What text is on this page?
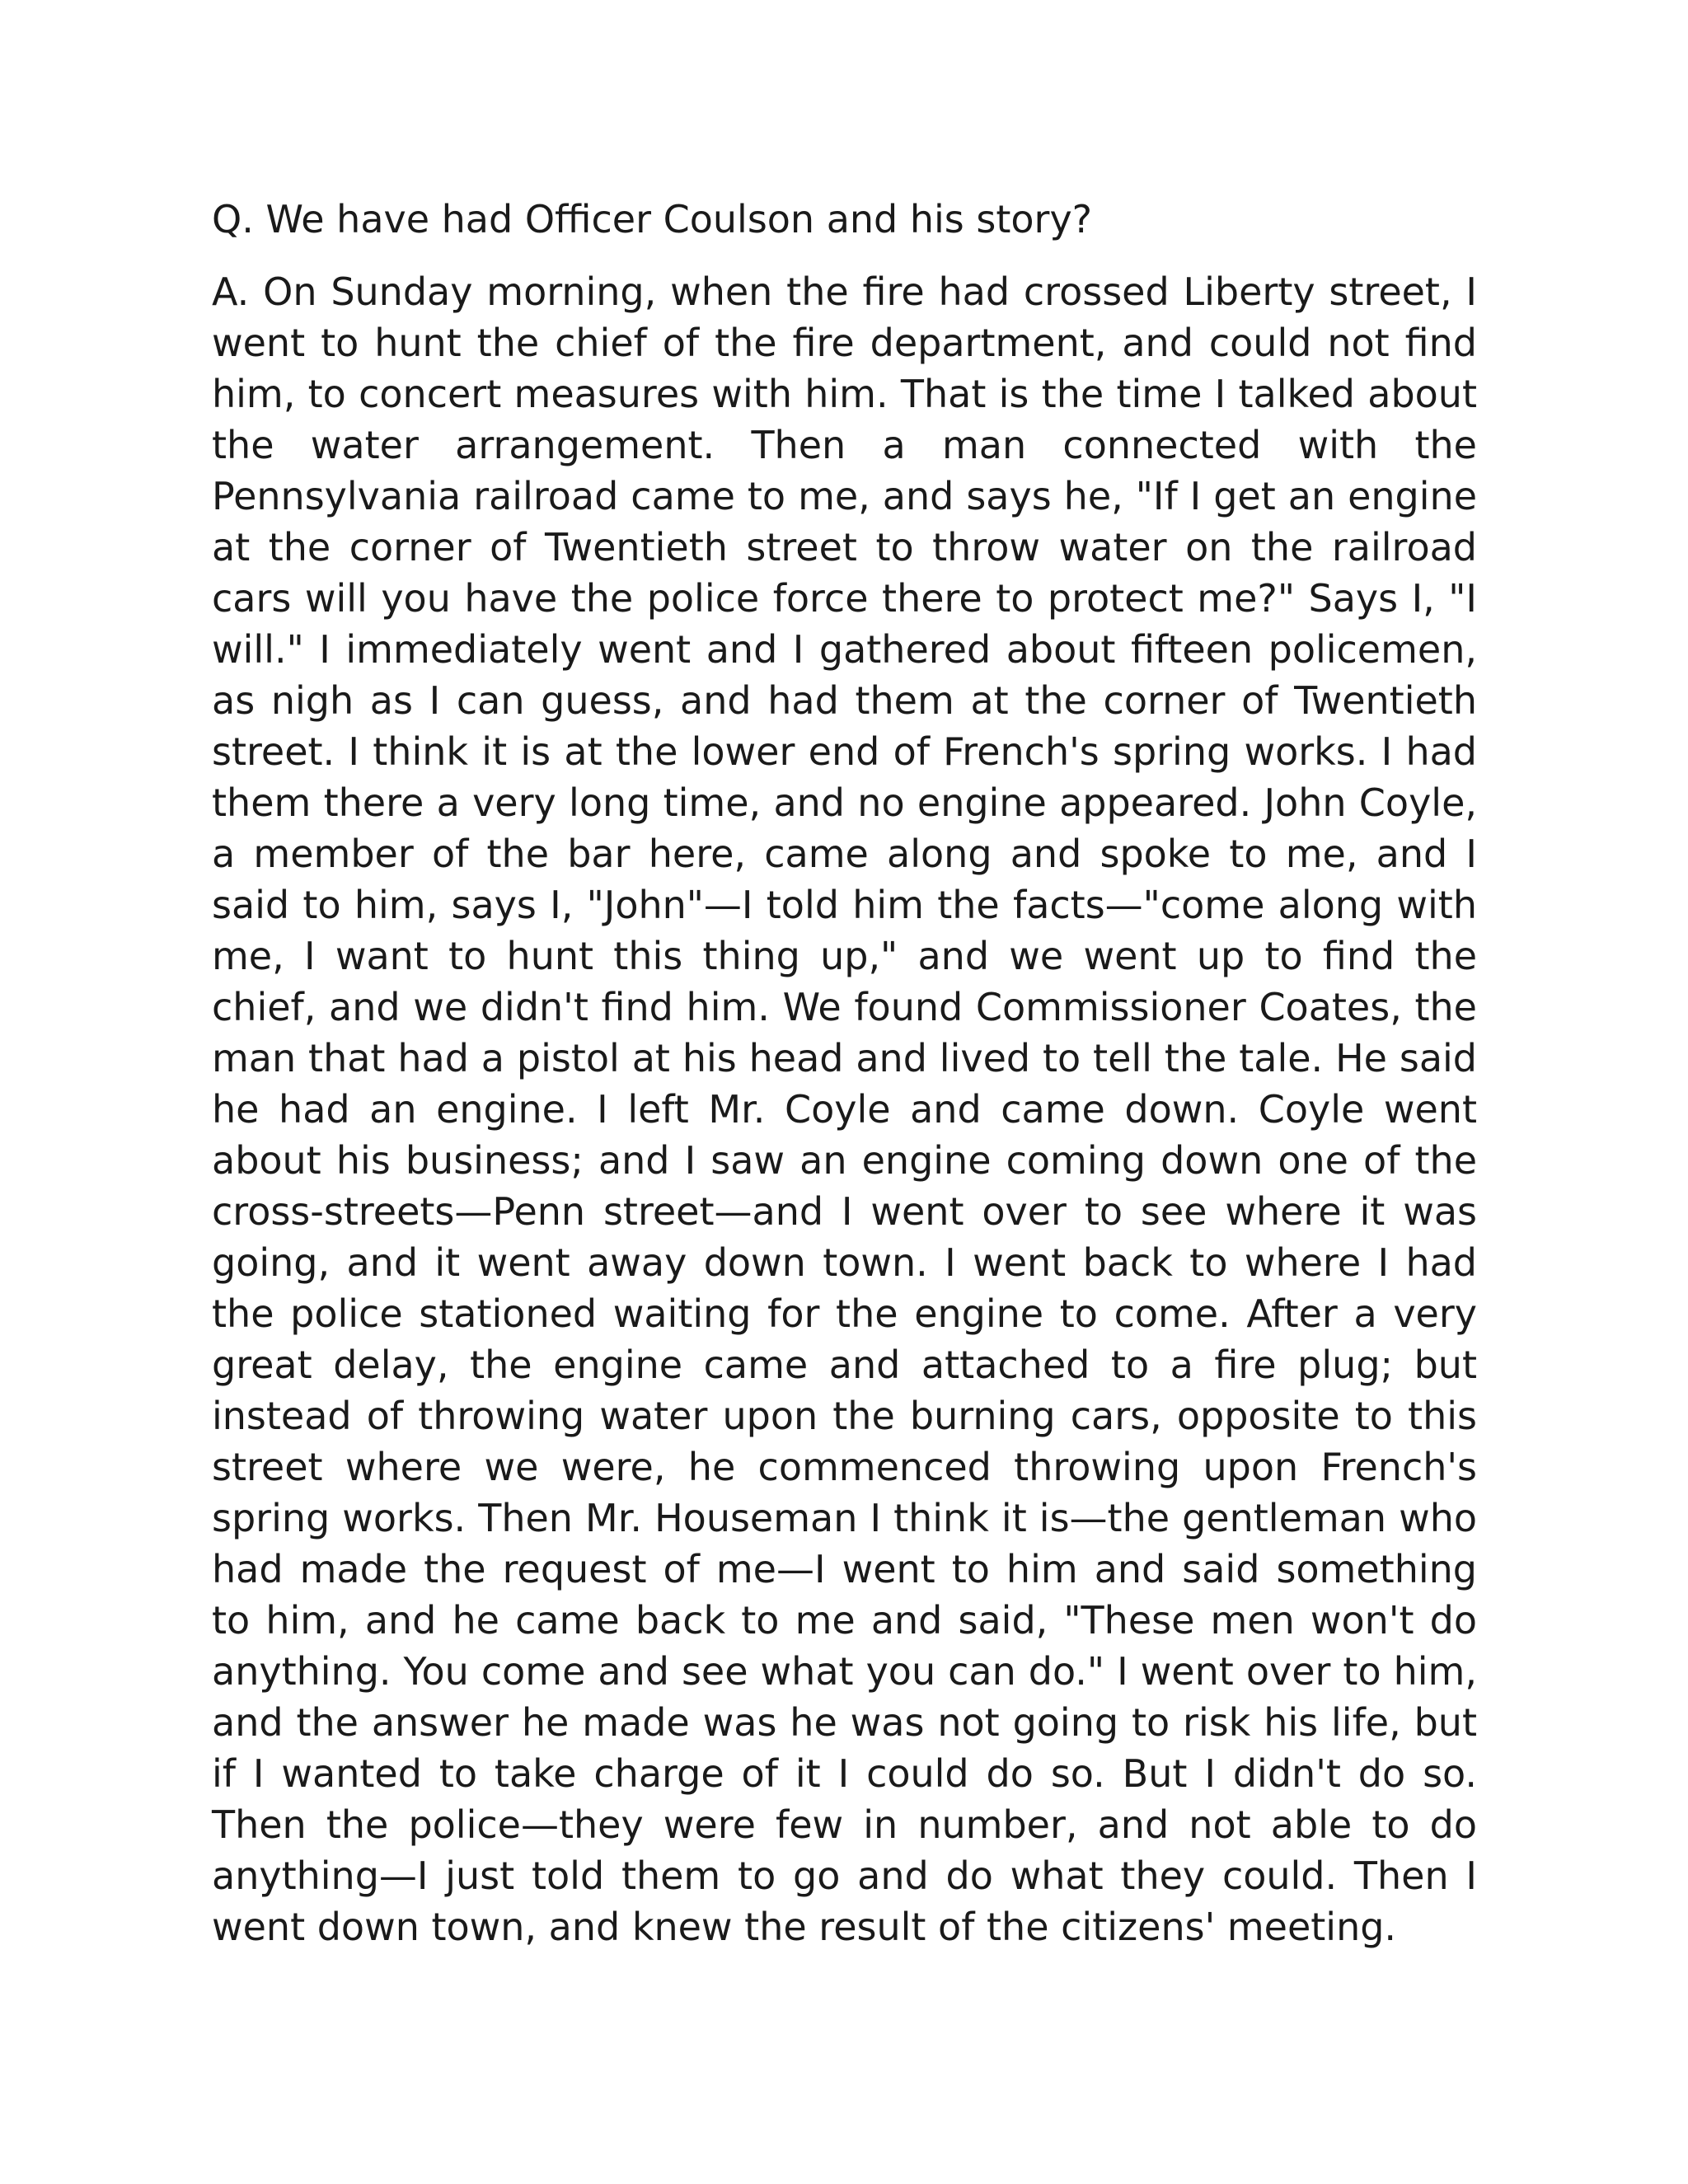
Q. We have had Officer Coulson and his story?

A. On Sunday morning, when the fire had crossed Liberty street, I went to hunt the chief of the fire department, and could not find him, to concert measures with him. That is the time I talked about the water arrangement. Then a man connected with the Pennsylvania railroad came to me, and says he, "If I get an engine at the corner of Twentieth street to throw water on the railroad cars will you have the police force there to protect me?" Says I, "I will." I immediately went and I gathered about fifteen policemen, as nigh as I can guess, and had them at the corner of Twentieth street. I think it is at the lower end of French's spring works. I had them there a very long time, and no engine appeared. John Coyle, a member of the bar here, came along and spoke to me, and I said to him, says I, "John"—I told him the facts—"come along with me, I want to hunt this thing up," and we went up to find the chief, and we didn't find him. We found Commissioner Coates, the man that had a pistol at his head and lived to tell the tale. He said he had an engine. I left Mr. Coyle and came down. Coyle went about his business; and I saw an engine coming down one of the cross-streets—Penn street—and I went over to see where it was going, and it went away down town. I went back to where I had the police stationed waiting for the engine to come. After a very great delay, the engine came and attached to a fire plug; but instead of throwing water upon the burning cars, opposite to this street where we were, he commenced throwing upon French's spring works. Then Mr. Houseman I think it is—the gentleman who had made the request of me—I went to him and said something to him, and he came back to me and said, "These men won't do anything. You come and see what you can do." I went over to him, and the answer he made was he was not going to risk his life, but if I wanted to take charge of it I could do so. But I didn't do so. Then the police—they were few in number, and not able to do anything—I just told them to go and do what they could. Then I went down town, and knew the result of the citizens' meeting.
